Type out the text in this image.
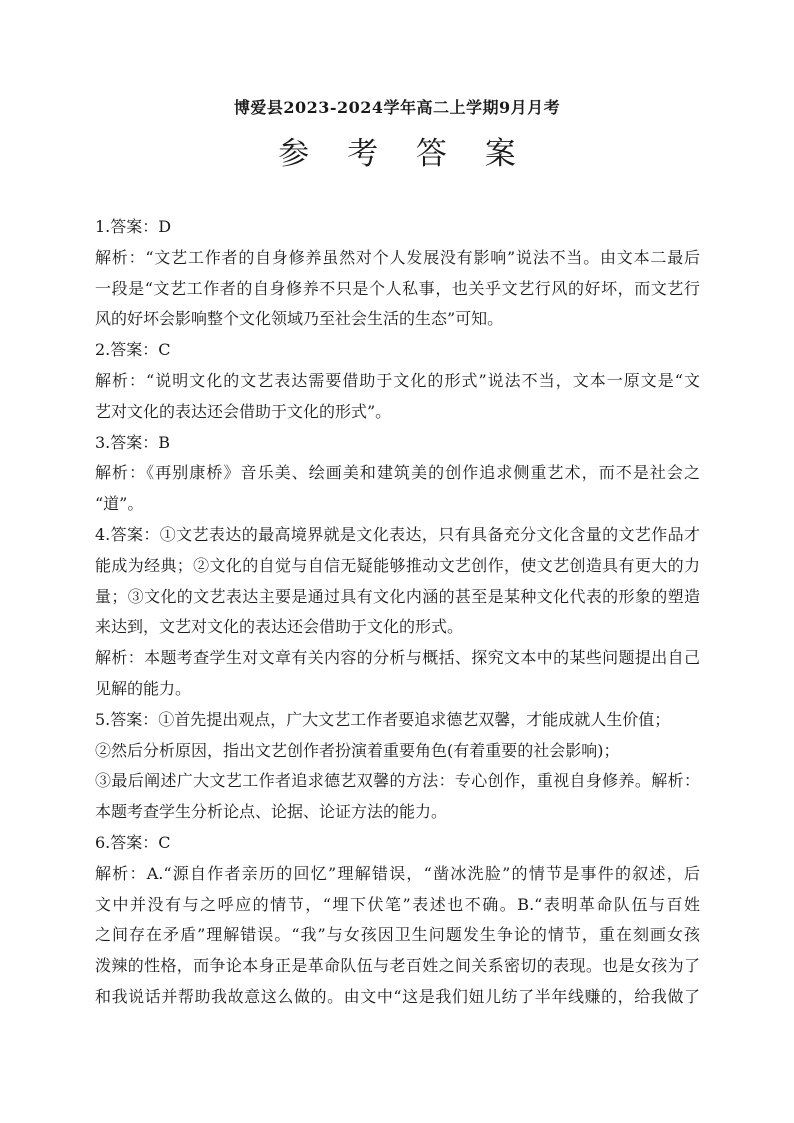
博爱县2023-2024学年高二上学期9月月考
参 考 答 案
1.答案：D
解析：“文艺工作者的自身修养虽然对个人发展没有影响”说法不当。由文本二最后
一段是“文艺工作者的自身修养不只是个人私事，也关乎文艺行风的好坏，而文艺行
风的好坏会影响整个文化领域乃至社会生活的生态”可知。
2.答案：C
解析：“说明文化的文艺表达需要借助于文化的形式”说法不当，文本一原文是“文
艺对文化的表达还会借助于文化的形式”。
3.答案：B
解析：《再别康桥》音乐美、绘画美和建筑美的创作追求侧重艺术，而不是社会之
“道”。
4.答案：①文艺表达的最高境界就是文化表达，只有具备充分文化含量的文艺作品才
能成为经典；②文化的自觉与自信无疑能够推动文艺创作，使文艺创造具有更大的力
量；③文化的文艺表达主要是通过具有文化内涵的甚至是某种文化代表的形象的塑造
来达到，文艺对文化的表达还会借助于文化的形式。
解析：本题考查学生对文章有关内容的分析与概括、探究文本中的某些问题提出自己
见解的能力。
5.答案：①首先提出观点，广大文艺工作者要追求德艺双馨，才能成就人生价值；
②然后分析原因，指出文艺创作者扮演着重要角色(有着重要的社会影响)；
③最后阐述广大文艺工作者追求德艺双馨的方法：专心创作，重视自身修养。解析：
本题考查学生分析论点、论据、论证方法的能力。
6.答案：C
解析：A.“源自作者亲历的回忆”理解错误，“凿冰洗脸”的情节是事件的叙述，后
文中并没有与之呼应的情节，“埋下伏笔”表述也不确。B.“表明革命队伍与百姓
之间存在矛盾”理解错误。“我”与女孩因卫生问题发生争论的情节，重在刻画女孩
泼辣的性格，而争论本身正是革命队伍与老百姓之间关系密切的表现。也是女孩为了
和我说话并帮助我故意这么做的。由文中“这是我们妞儿纺了半年线赚的，给我做了
